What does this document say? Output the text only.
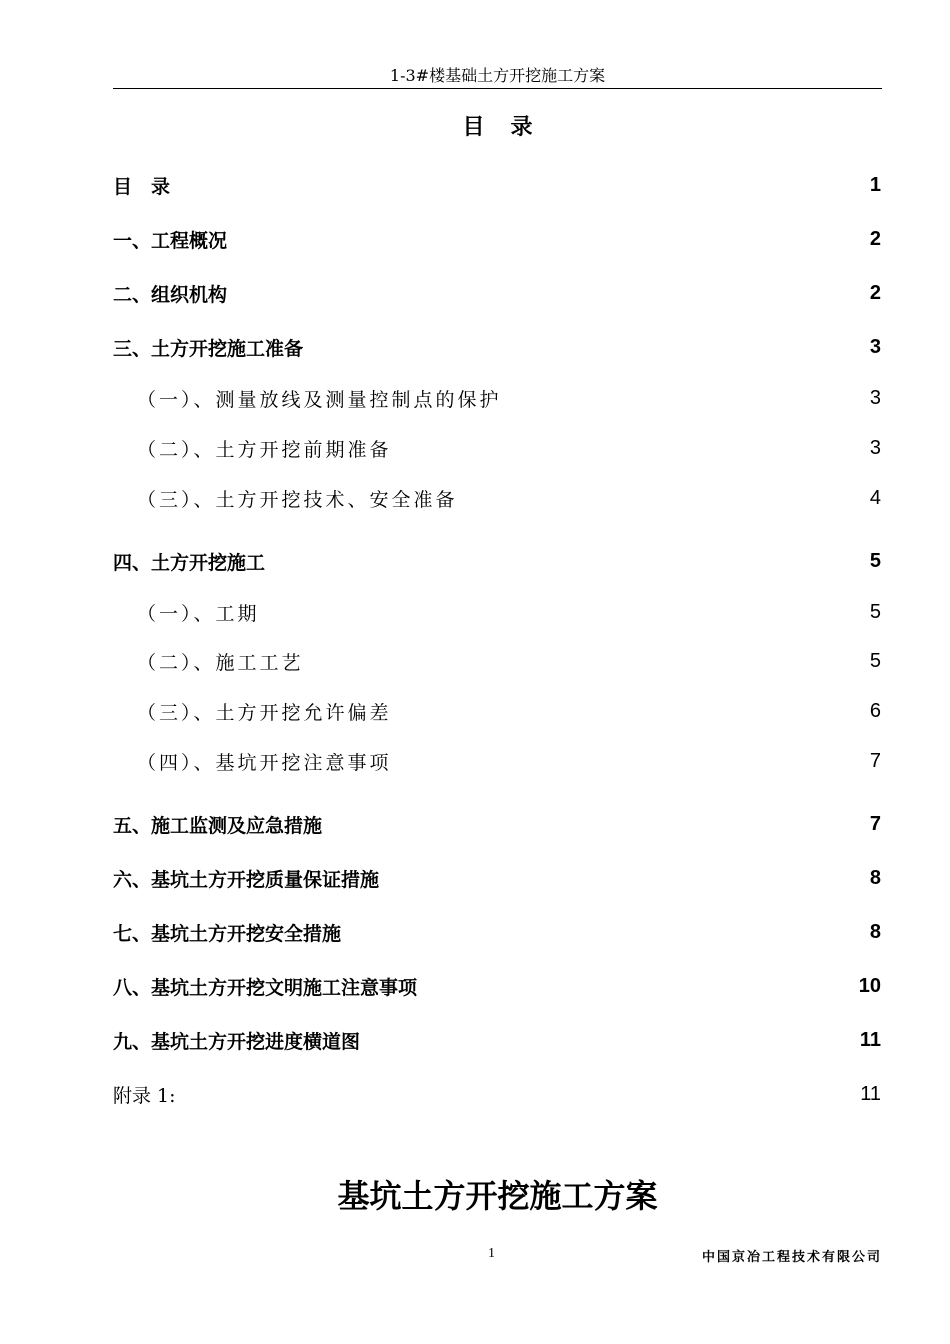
1-3#楼基础土方开挖施工方案
目录
目　录	1
一、工程概况	2
二、组织机构	2
三、土方开挖施工准备	3
（一）、测量放线及测量控制点的保护	3
（二）、土方开挖前期准备	3
（三）、土方开挖技术、安全准备	4
四、土方开挖施工	5
（一）、工期	5
（二）、施工工艺	5
（三）、土方开挖允许偏差	6
（四）、基坑开挖注意事项	7
五、施工监测及应急措施	7
六、基坑土方开挖质量保证措施	8
七、基坑土方开挖安全措施	8
八、基坑土方开挖文明施工注意事项	10
九、基坑土方开挖进度横道图	11
附录 1:	11
基坑土方开挖施工方案
1	中国京冶工程技术有限公司
